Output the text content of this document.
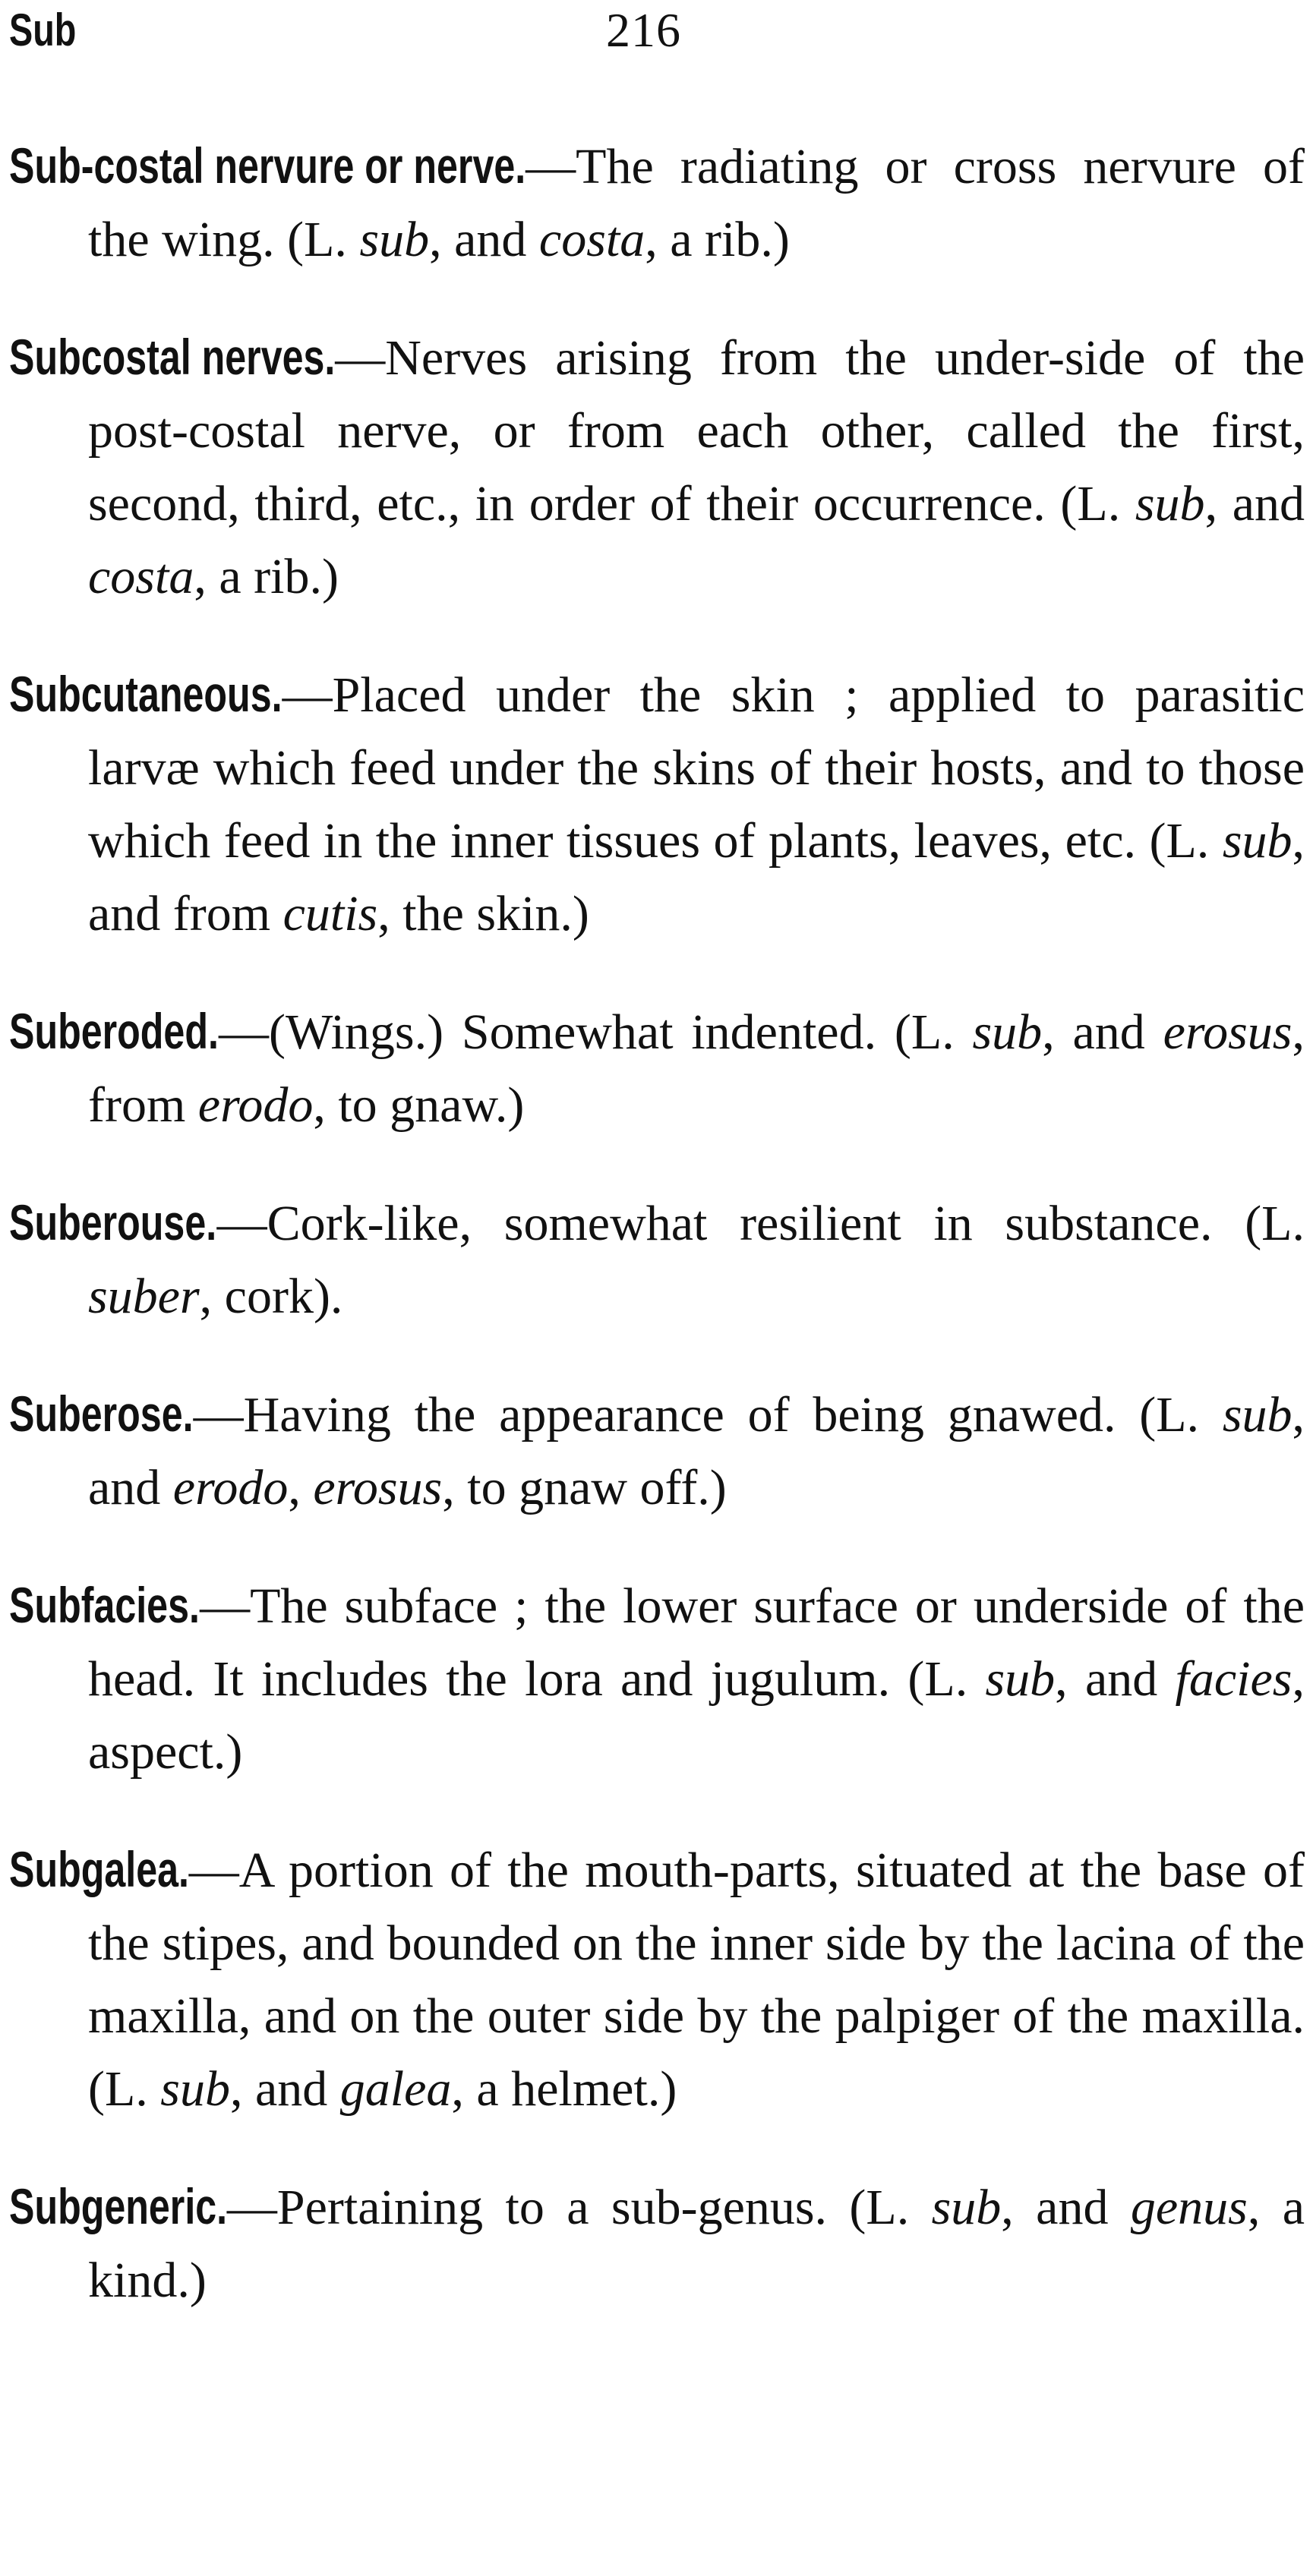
Sub	216

Sub-costal nervure or nerve.—The radiating or cross nervure of the wing. (L. sub, and costa, a rib.)

Subcostal nerves.—Nerves arising from the under-side of the post-costal nerve, or from each other, called the first, second, third, etc., in order of their occurrence. (L. sub, and costa, a rib.)

Subcutaneous.—Placed under the skin ; applied to parasitic larvæ which feed under the skins of their hosts, and to those which feed in the inner tissues of plants, leaves, etc. (L. sub, and from cutis, the skin.)

Suberoded.—(Wings.) Somewhat indented. (L. sub, and erosus, from erodo, to gnaw.)

Suberouse.—Cork-like, somewhat resilient in substance. (L. suber, cork).

Suberose.—Having the appearance of being gnawed. (L. sub, and erodo, erosus, to gnaw off.)

Subfacies.—The subface ; the lower surface or underside of the head. It includes the lora and jugulum. (L. sub, and facies, aspect.)

Subgalea.—A portion of the mouth-parts, situated at the base of the stipes, and bounded on the inner side by the lacina of the maxilla, and on the outer side by the palpiger of the maxilla. (L. sub, and galea, a helmet.)

Subgeneric.—Pertaining to a sub-genus. (L. sub, and genus, a kind.)
